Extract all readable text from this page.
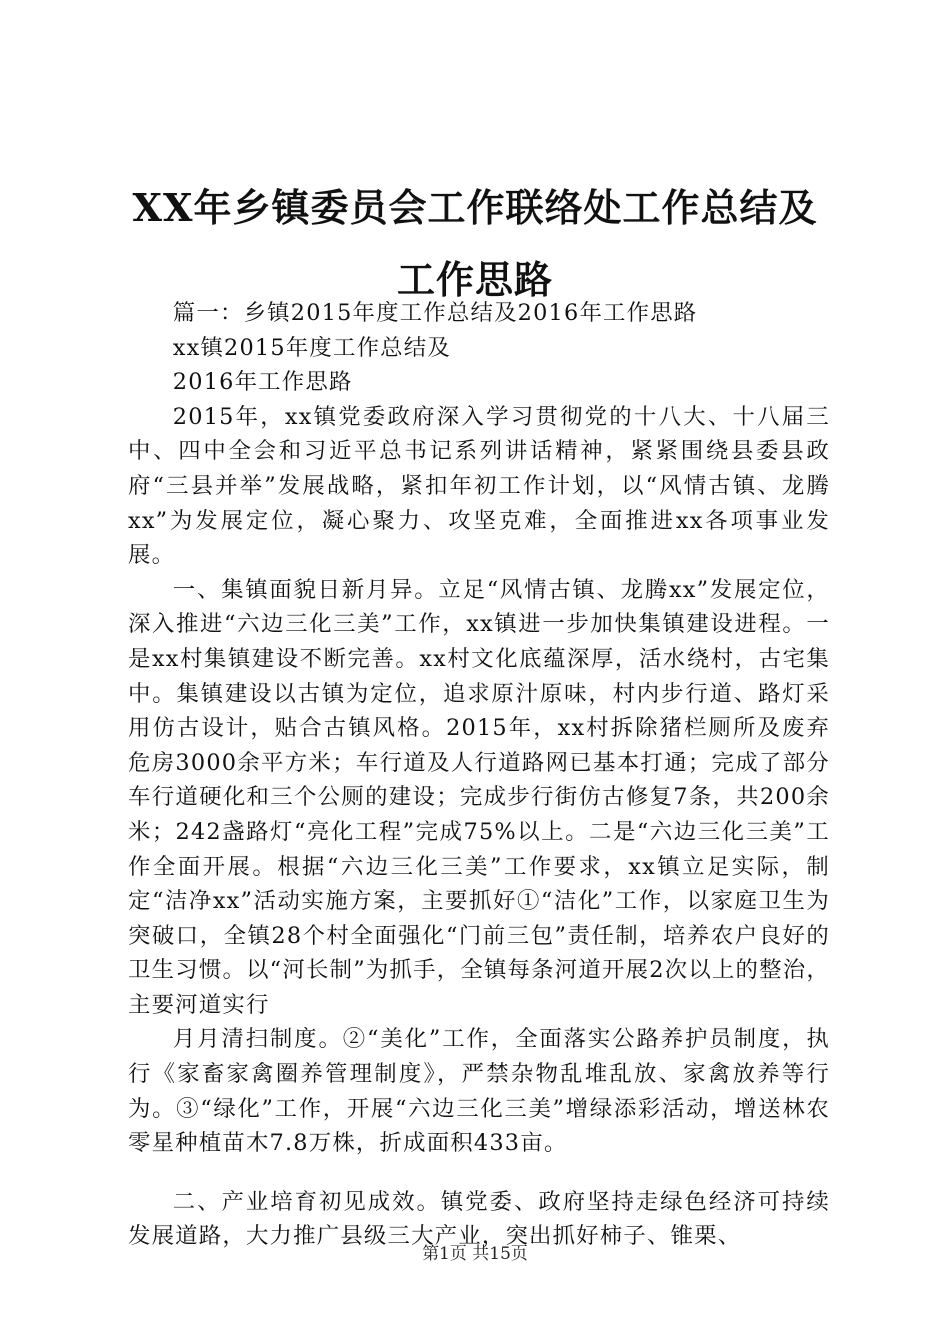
XX年乡镇委员会工作联络处工作总结及工作思路

篇一：乡镇2015年度工作总结及2016年工作思路

xx镇2015年度工作总结及

2016年工作思路

2015年，xx镇党委政府深入学习贯彻党的十八大、十八届三中、四中全会和习近平总书记系列讲话精神，紧紧围绕县委县政府“三县并举”发展战略，紧扣年初工作计划，以“风情古镇、龙腾xx”为发展定位，凝心聚力、攻坚克难，全面推进xx各项事业发展。

一、集镇面貌日新月异。立足“风情古镇、龙腾xx”发展定位，深入推进“六边三化三美”工作，xx镇进一步加快集镇建设进程。一是xx村集镇建设不断完善。xx村文化底蕴深厚，活水绕村，古宅集中。集镇建设以古镇为定位，追求原汁原味，村内步行道、路灯采用仿古设计，贴合古镇风格。2015年，xx村拆除猪栏厕所及废弃危房3000余平方米；车行道及人行道路网已基本打通；完成了部分车行道硬化和三个公厕的建设；完成步行街仿古修复7条，共200余米；242盏路灯“亮化工程”完成75%以上。二是“六边三化三美”工作全面开展。根据“六边三化三美”工作要求，xx镇立足实际，制定“洁净xx”活动实施方案，主要抓好①“洁化”工作，以家庭卫生为突破口，全镇28个村全面强化“门前三包”责任制，培养农户良好的卫生习惯。以“河长制”为抓手，全镇每条河道开展2次以上的整治，主要河道实行

月月清扫制度。②“美化”工作，全面落实公路养护员制度，执行《家畜家禽圈养管理制度》，严禁杂物乱堆乱放、家禽放养等行为。③“绿化”工作，开展“六边三化三美”增绿添彩活动，增送林农零星种植苗木7.8万株，折成面积433亩。

二、产业培育初见成效。镇党委、政府坚持走绿色经济可持续发展道路，大力推广县级三大产业，突出抓好柿子、锥栗、

第1页 共15页
